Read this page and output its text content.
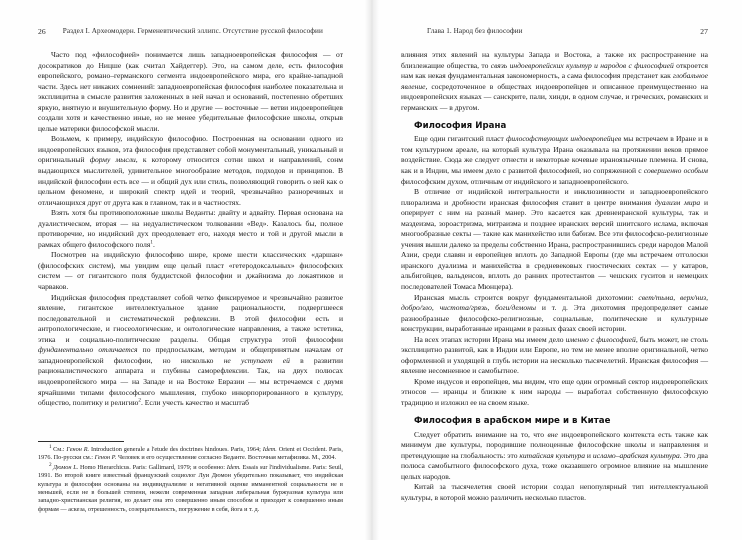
26 Раздел I. Археомодерн. Герменевтический эллипс. Отсутствие русской философии

Часто под «философией» понимается лишь западноевропейская философия — от досократиков до Ницше (как считал Хайдеггер). Это, на самом деле, есть философия европейского, романо–германского сегмента индоевропейского мира, его крайне-западной части. Здесь нет никаких сомнений: западноевропейская философия наиболее показательна и эксплицитна в смысле развития заложенных в ней начал и оснований, постепенно обретших яркую, внятную и внушительную форму. Но и другие — восточные — ветви индоевропейцев создали хотя и качественно иные, но не менее убедительные философские школы, открыв целые материки философской мысли.

Возьмем, к примеру, индийскую философию. Построенная на основании одного из индоевропейских языков, эта философия представляет собой монументальный, уникальный и оригинальный форму мысли, к которому относится сотни школ и направлений, сонм выдающихся мыслителей, удивительное многообразие методов, подходов и принципов. В индийской философии есть все — и общий дух или стиль, позволяющий говорить о ней как о цельном феномене, и широкий спектр идей и теорий, чрезвычайно разноречивых и отличающихся друг от друга как в главном, так и в частностях.

Взять хотя бы противоположные школы Веданты: двайту и адвайту. Первая основана на дуалистическом, вторая — на недуалистическом толковании «Вед». Казалось бы, полное противоречие, но индийский дух преодолевает его, находя место и той и другой мысли в рамках общего философского поля$^1$.

Посмотрев на индийскую философию шире, кроме шести классических «даршан» (философских систем), мы увидим еще целый пласт «гетеродоксальных» философских систем — от гигантского поля буддистской философии и джайнизма до локаятиков и чарваков.

Индийская философия представляет собой четко фиксируемое и чрезвычайно развитое явление, гигантское интеллектуальное здание рациональности, подвергшееся последовательной и систематической рефлексии. В этой философии есть и антропологические, и гносеологические, и онтологические направления, а также эстетика, этика и социально-политические разделы. Общая структура этой философии фундаментально отличается по предпосылкам, методам и общепринятым началам от западноевропейской философии, но нисколько не уступает ей в развитии рационалистического аппарата и глубины саморефлексии. Так, на двух полюсах индоевропейского мира — на Западе и на Востоке Евразии — мы встречаемся с двумя ярчайшими типами философского мышления, глубоко инкорпорированного в культуру, общество, политику и религию$^2$. Если учесть качество и масштаб

$^1$ См.: Генон R. Introduction generale a l'etude des doctrines hindoues. Paris, 1964; Idem. Orient et Occident. Paris, 1976. По-русски см.: Генон Р. Человек и его осуществление согласно Веданте. Восточная метафизика. М., 2004.

$^2$ Дюмон L. Homo Hierarchicus. Paris: Gallimard, 1979; и особенно: Idem. Essais sur l'individualisme. Paris: Seuil, 1991. Во второй книге известный французский социолог Луи Дюмон убедительно показывает, что индийская культура и философия основаны на индивидуализме и негативной оценке имманентной социальности не в меньшей, если не в большей степени, нежели современная западная либеральная буржуазная культура или западно-христианская религия, но делает она это совершенно иным способом и приходит к совершенно иным формам — аскеза, отрешенность, созерцательность, погружение в себя, йога и т. д.

Глава 1. Народ без философии	27

влияния этих явлений на культуры Запада и Востока, а также их распространение на близлежащие общества, то связь индоевропейских культур и народов с философией откроется нам как некая фундаментальная закономерность, а сама философия предстанет как глобальное явление, сосредоточенное в обществах индоевропейцев и описанное преимущественно на индоевропейских языках — санскрите, пали, хинди, в одном случае, и греческих, романских и германских — в другом.

Философия Ирана

Еще один гигантский пласт философствующих индоевропейцев мы встречаем в Иране и в том культурном ареале, на который культура Ирана оказывала на протяжении веков прямое воздействие. Сюда же следует отнести и некоторые кочевые ираноязычные племена. И снова, как и в Индии, мы имеем дело с развитой философией, но сопряженной с совершенно особым философским духом, отличным от индийского и западноевропейского.

В отличие от индийской интегральности и инклюзивности и западноевропейского плюрализма и дробности иранская философия ставит в центре внимания дуализм мира и оперирует с ним на разный манер. Это касается как древнеиранской культуры, так и маздеизма, зороастризма, митраизма и позднее иранских версий шиитского ислама, включая многообразные секты — такие как манихейство или бабизм. Все эти философско-религиозные учения вышли далеко за пределы собственно Ирана, распространившись среди народов Малой Азии, среди славян и европейцев вплоть до Западной Европы (где мы встречаем отголоски иранского дуализма и манихейства в средневековых гностических сектах — у катаров, альбигойцев, вальденсов, вплоть до ранних протестантов — чешских гуситов и немецких последователей Томаса Мюнцера).

Иранская мысль строится вокруг фундаментальной дихотомии: свет/тьма, верх/низ, добро/зло, чистота/грязь, боги/демоны и т. д. Эта дихотомия предопределяет самые разнообразные философско-религиозные, социальные, политические и культурные конструкции, выработанные иранцами в разных фазах своей истории.

На всех этапах истории Ирана мы имеем дело именно с философией, быть может, не столь эксплицитно развитой, как в Индии или Европе, но тем не менее вполне оригинальной, четко оформленной и уходящей в глубь истории на несколько тысячелетий. Иранская философия — явление несомненное и самобытное.

Кроме индусов и европейцев, мы видим, что еще один огромный сектор индоевропейских этносов — иранцы и близкие к ним народы — выработал собственную философскую традицию и изложил ее на своем языке.

Философия в арабском мире и в Китае

Следует обратить внимание на то, что вне индоевропейского контекста есть также как минимум две культуры, породившие полноценные философские школы и направления и претендующие на глобальность: это китайская культура и исламо–арабская культура. Это два полюса самобытного философского духа, тоже оказавшего огромное влияние на мышление целых народов.

Китай за тысячелетия своей истории создал непопулярный тип интеллектуальной культуры, в которой можно различить несколько пластов.
